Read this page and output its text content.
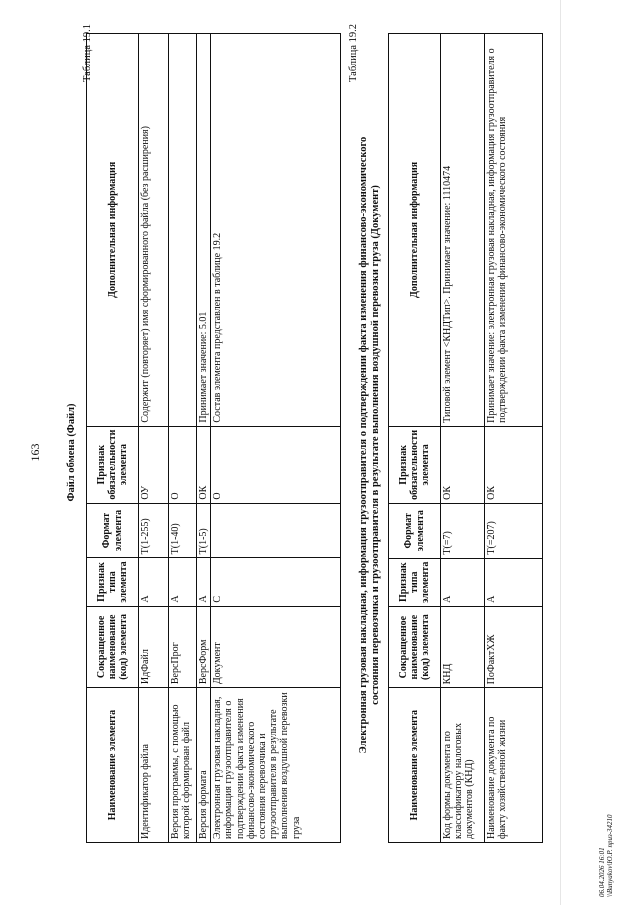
163
Таблица 19.1
Файл обмена (Файл)
Наименование элемента	Сокращенное наименование (код) элемента	Признак типа элемента	Формат элемента	Признак обязательности элемента	Дополнительная информация
Идентификатор файла	ИдФайл	А	Т(1-255)	ОУ	Содержит (повторяет) имя сформированного файла (без расширения)
Версия программы, с помощью которой сформирован файл	ВерсПрог	А	Т(1-40)	О	
Версия формата	ВерсФорм	А	Т(1-5)	ОК	Принимает значение: 5.01
Электронная грузовая накладная, информация грузоотправителя о подтверждении факта изменения финансово-экономического состояния перевозчика и грузоотправителя в результате выполнения воздушной перевозки груза	Документ	С		О	Состав элемента представлен в таблице 19.2
Таблица 19.2
Электронная грузовая накладная, информация грузоотправителя о подтверждении факта изменения финансово-экономического состояния перевозчика и грузоотправителя в результате выполнения воздушной перевозки груза (Документ)
Наименование элемента	Сокращенное наименование (код) элемента	Признак типа элемента	Формат элемента	Признак обязательности элемента	Дополнительная информация
Код формы документа по классификатору налоговых документов (КНД)	КНД	А	Т(=7)	ОК	Типовой элемент <КНДТип>. Принимает значение: 1110474
Наименование документа по факту хозяйственной жизни	ПоФактХЖ	А	Т(=207)	ОК	Принимает значение: электронная грузовая накладная, информация грузоотправителя о подтверждении факта изменения финансово-экономического состояния
06.04.2026 16:01 \\Bunyakov\Ю.Р. приз-34210
